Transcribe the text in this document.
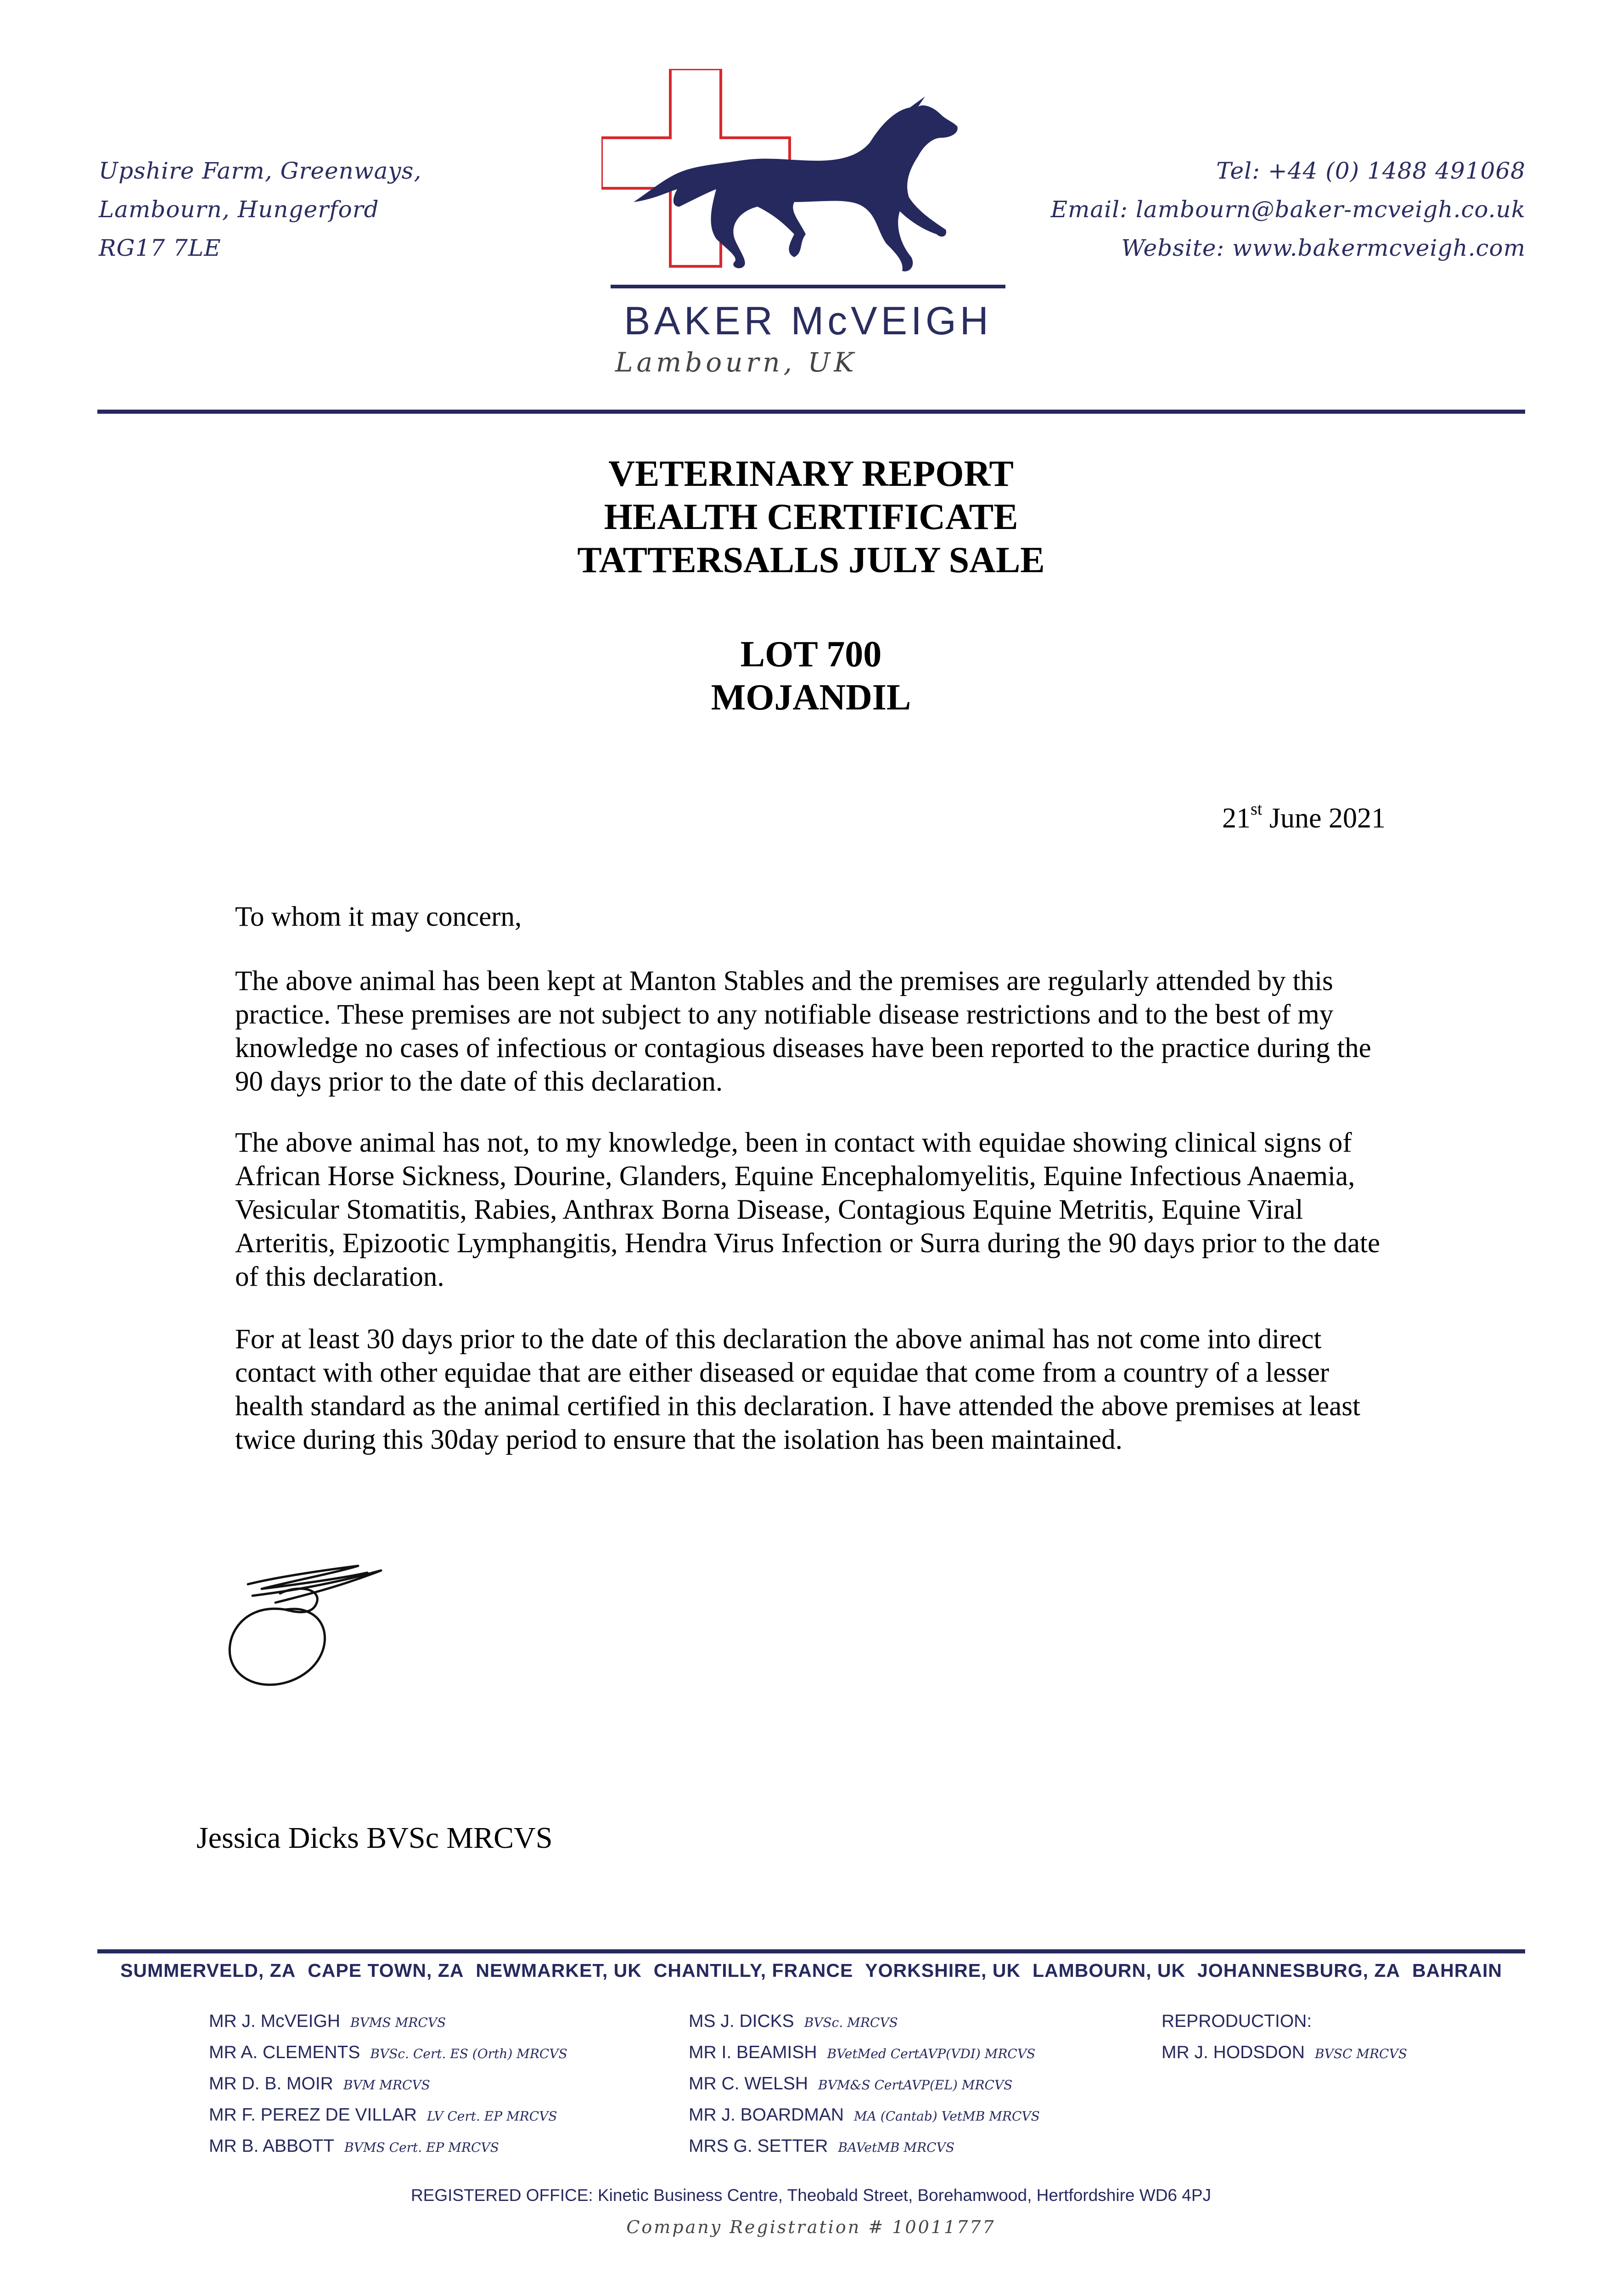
Upshire Farm, Greenways,
Lambourn, Hungerford
RG17 7LE
Tel: +44 (0) 1488 491068
Email: lambourn@baker-mcveigh.co.uk
Website: www.bakermcveigh.com
BAKER McVEIGH
Lambourn, UK
VETERINARY REPORT
HEALTH CERTIFICATE
TATTERSALLS JULY SALE
LOT 700
MOJANDIL
21st June 2021
To whom it may concern,
The above animal has been kept at Manton Stables and the premises are regularly attended by this practice. These premises are not subject to any notifiable disease restrictions and to the best of my knowledge no cases of infectious or contagious diseases have been reported to the practice during the 90 days prior to the date of this declaration.
The above animal has not, to my knowledge, been in contact with equidae showing clinical signs of African Horse Sickness, Dourine, Glanders, Equine Encephalomyelitis, Equine Infectious Anaemia, Vesicular Stomatitis, Rabies, Anthrax Borna Disease, Contagious Equine Metritis, Equine Viral Arteritis, Epizootic Lymphangitis, Hendra Virus Infection or Surra during the 90 days prior to the date of this declaration.
For at least 30 days prior to the date of this declaration the above animal has not come into direct contact with other equidae that are either diseased or equidae that come from a country of a lesser health standard as the animal certified in this declaration. I have attended the above premises at least twice during this 30day period to ensure that the isolation has been maintained.
Jessica Dicks BVSc MRCVS
SUMMERVELD, ZA CAPE TOWN, ZA NEWMARKET, UK CHANTILLY, FRANCE YORKSHIRE, UK LAMBOURN, UK JOHANNESBURG, ZA BAHRAIN
MR J. McVEIGH BVMS MRCVS
MR A. CLEMENTS BVSc. Cert. ES (Orth) MRCVS
MR D. B. MOIR BVM MRCVS
MR F. PEREZ DE VILLAR LV Cert. EP MRCVS
MR B. ABBOTT BVMS Cert. EP MRCVS
MS J. DICKS BVSc. MRCVS
MR I. BEAMISH BVetMed CertAVP(VDI) MRCVS
MR C. WELSH BVM&S CertAVP(EL) MRCVS
MR J. BOARDMAN MA (Cantab) VetMB MRCVS
MRS G. SETTER BAVetMB MRCVS
REPRODUCTION:
MR J. HODSDON BVSC MRCVS
REGISTERED OFFICE: Kinetic Business Centre, Theobald Street, Borehamwood, Hertfordshire WD6 4PJ
Company Registration # 10011777
